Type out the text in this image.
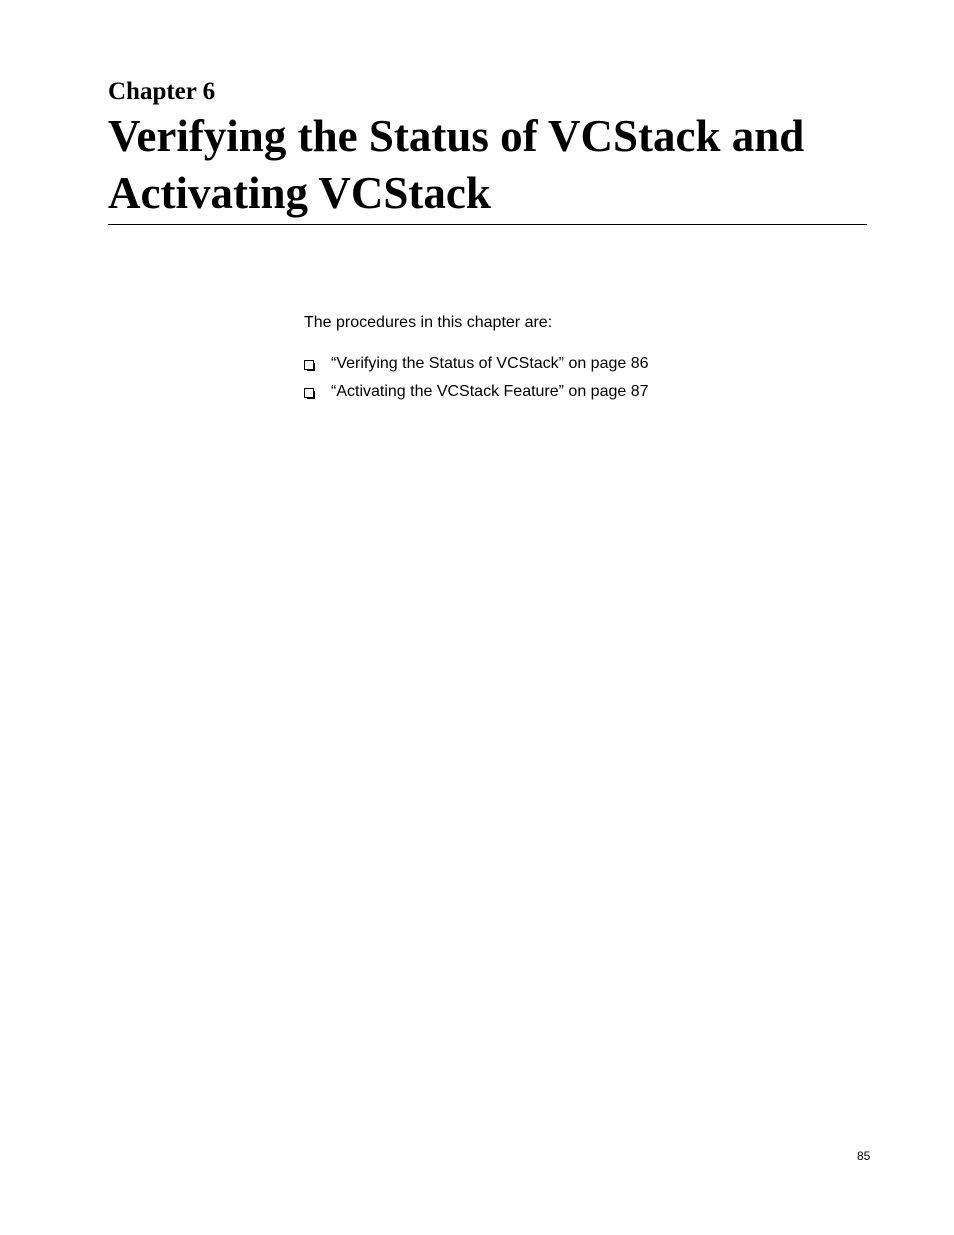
Chapter 6
Verifying the Status of VCStack and Activating VCStack

The procedures in this chapter are:

“Verifying the Status of VCStack” on page 86
“Activating the VCStack Feature” on page 87
85
